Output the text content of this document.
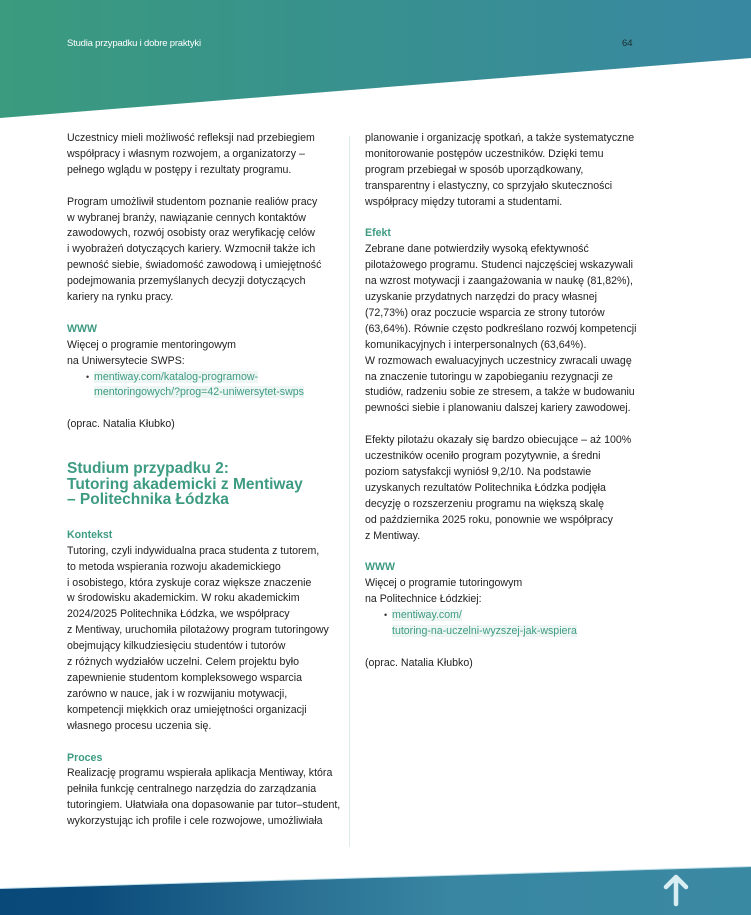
Studia przypadku i dobre praktyki	64

Uczestnicy mieli możliwość refleksji nad przebiegiem
współpracy i własnym rozwojem, a organizatorzy –
pełnego wglądu w postępy i rezultaty programu.

Program umożliwił studentom poznanie realiów pracy
w wybranej branży, nawiązanie cennych kontaktów
zawodowych, rozwój osobisty oraz weryfikację celów
i wyobrażeń dotyczących kariery. Wzmocnił także ich
pewność siebie, świadomość zawodową i umiejętność
podejmowania przemyślanych decyzji dotyczących
kariery na rynku pracy.

WWW

Więcej o programie mentoringowym
na Uniwersytecie SWPS:

• mentiway.com/katalog-programow-
mentoringowych/?prog=42-uniwersytet-swps

(oprac. Natalia Kłubko)

Studium przypadku 2:
Tutoring akademicki z Mentiway
– Politechnika Łódzka

Kontekst

Tutoring, czyli indywidualna praca studenta z tutorem,
to metoda wspierania rozwoju akademickiego
i osobistego, która zyskuje coraz większe znaczenie
w środowisku akademickim. W roku akademickim
2024/2025 Politechnika Łódzka, we współpracy
z Mentiway, uruchomiła pilotażowy program tutoringowy
obejmujący kilkudziesięciu studentów i tutorów
z różnych wydziałów uczelni. Celem projektu było
zapewnienie studentom kompleksowego wsparcia
zarówno w nauce, jak i w rozwijaniu motywacji,
kompetencji miękkich oraz umiejętności organizacji
własnego procesu uczenia się.

Proces

Realizację programu wspierała aplikacja Mentiway, która
pełniła funkcję centralnego narzędzia do zarządzania
tutoringiem. Ułatwiała ona dopasowanie par tutor–student,
wykorzystując ich profile i cele rozwojowe, umożliwiała

planowanie i organizację spotkań, a także systematyczne
monitorowanie postępów uczestników. Dzięki temu
program przebiegał w sposób uporządkowany,
transparentny i elastyczny, co sprzyjało skuteczności
współpracy między tutorami a studentami.

Efekt

Zebrane dane potwierdziły wysoką efektywność
pilotażowego programu. Studenci najczęściej wskazywali
na wzrost motywacji i zaangażowania w naukę (81,82%),
uzyskanie przydatnych narzędzi do pracy własnej
(72,73%) oraz poczucie wsparcia ze strony tutorów
(63,64%). Równie często podkreślano rozwój kompetencji
komunikacyjnych i interpersonalnych (63,64%).
W rozmowach ewaluacyjnych uczestnicy zwracali uwagę
na znaczenie tutoringu w zapobieganiu rezygnacji ze
studiów, radzeniu sobie ze stresem, a także w budowaniu
pewności siebie i planowaniu dalszej kariery zawodowej.

Efekty pilotażu okazały się bardzo obiecujące – aż 100%
uczestników oceniło program pozytywnie, a średni
poziom satysfakcji wyniósł 9,2/10. Na podstawie
uzyskanych rezultatów Politechnika Łódzka podjęła
decyzję o rozszerzeniu programu na większą skalę
od października 2025 roku, ponownie we współpracy
z Mentiway.

WWW

Więcej o programie tutoringowym
na Politechnice Łódzkiej:

• mentiway.com/
tutoring-na-uczelni-wyzszej-jak-wspiera

(oprac. Natalia Kłubko)
